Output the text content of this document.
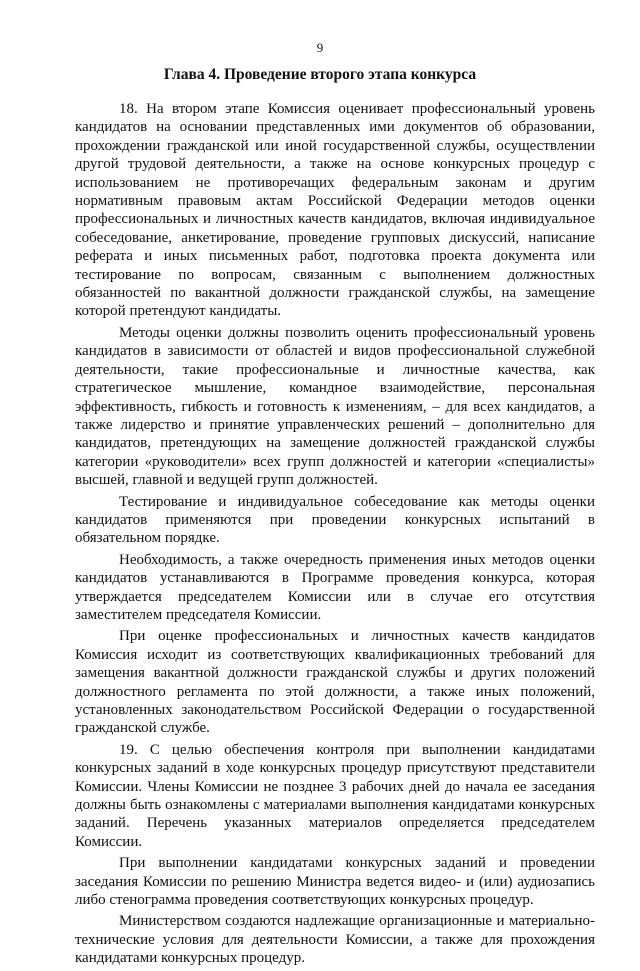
9
Глава 4. Проведение второго этапа конкурса

18. На втором этапе Комиссия оценивает профессиональный уровень кандидатов на основании представленных ими документов об образовании, прохождении гражданской или иной государственной службы, осуществлении другой трудовой деятельности, а также на основе конкурсных процедур с использованием не противоречащих федеральным законам и другим нормативным правовым актам Российской Федерации методов оценки профессиональных и личностных качеств кандидатов, включая индивидуальное собеседование, анкетирование, проведение групповых дискуссий, написание реферата и иных письменных работ, подготовка проекта документа или тестирование по вопросам, связанным с выполнением должностных обязанностей по вакантной должности гражданской службы, на замещение которой претендуют кандидаты.

Методы оценки должны позволить оценить профессиональный уровень кандидатов в зависимости от областей и видов профессиональной служебной деятельности, такие профессиональные и личностные качества, как стратегическое мышление, командное взаимодействие, персональная эффективность, гибкость и готовность к изменениям, – для всех кандидатов, а также лидерство и принятие управленческих решений – дополнительно для кандидатов, претендующих на замещение должностей гражданской службы категории «руководители» всех групп должностей и категории «специалисты» высшей, главной и ведущей групп должностей.

Тестирование и индивидуальное собеседование как методы оценки кандидатов применяются при проведении конкурсных испытаний в обязательном порядке.

Необходимость, а также очередность применения иных методов оценки кандидатов устанавливаются в Программе проведения конкурса, которая утверждается председателем Комиссии или в случае его отсутствия заместителем председателя Комиссии.

При оценке профессиональных и личностных качеств кандидатов Комиссия исходит из соответствующих квалификационных требований для замещения вакантной должности гражданской службы и других положений должностного регламента по этой должности, а также иных положений, установленных законодательством Российской Федерации о государственной гражданской службе.

19. С целью обеспечения контроля при выполнении кандидатами конкурсных заданий в ходе конкурсных процедур присутствуют представители Комиссии. Члены Комиссии не позднее 3 рабочих дней до начала ее заседания должны быть ознакомлены с материалами выполнения кандидатами конкурсных заданий. Перечень указанных материалов определяется председателем Комиссии.

При выполнении кандидатами конкурсных заданий и проведении заседания Комиссии по решению Министра ведется видео- и (или) аудиозапись либо стенограмма проведения соответствующих конкурсных процедур.

Министерством создаются надлежащие организационные и материально-технические условия для деятельности Комиссии, а также для прохождения кандидатами конкурсных процедур.
